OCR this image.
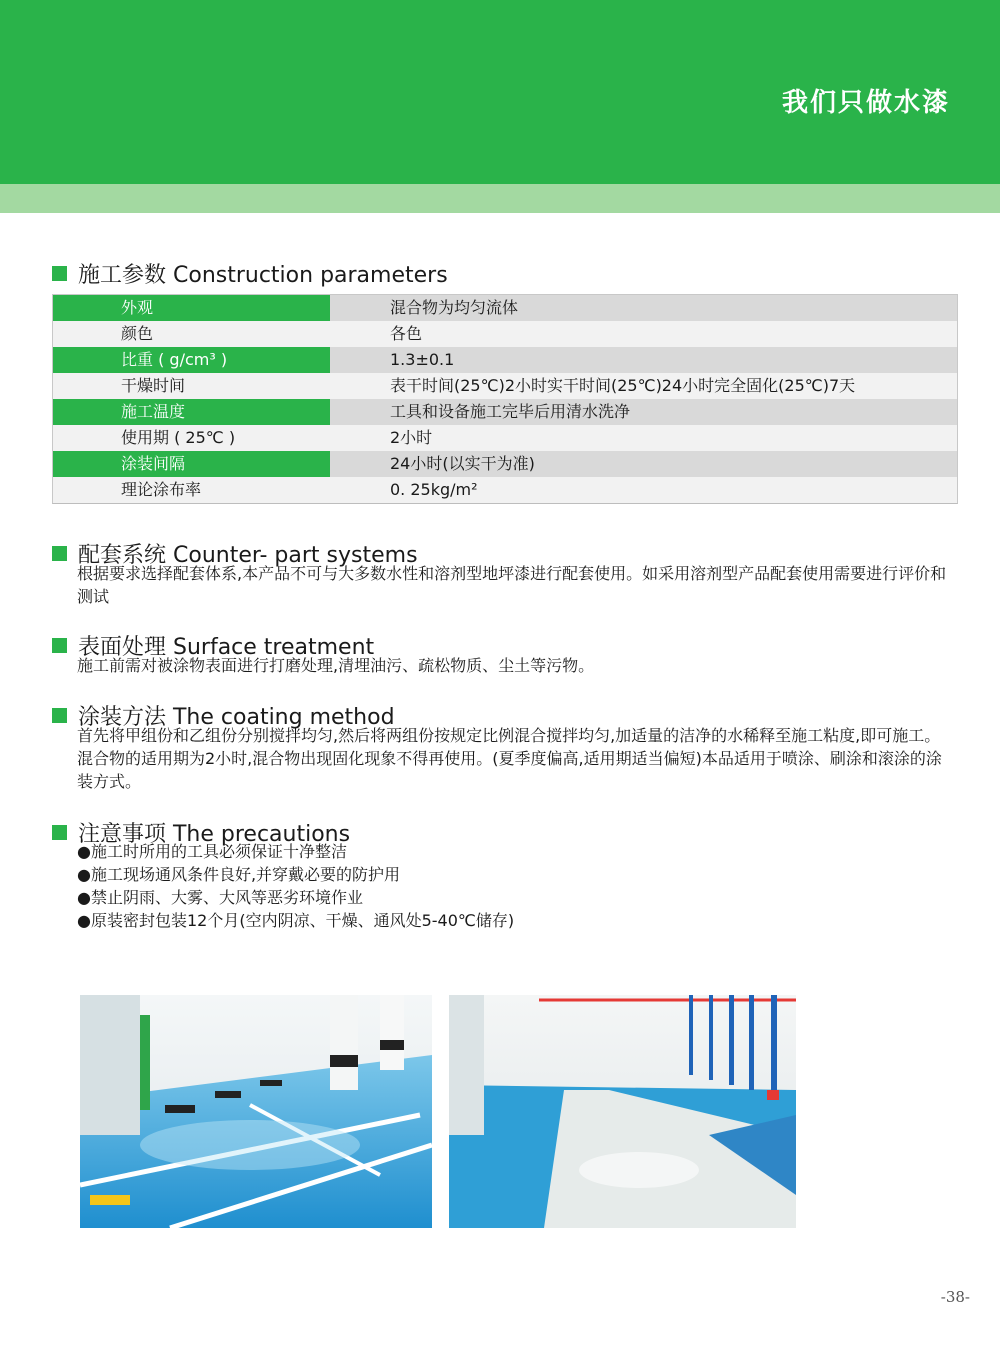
我们只做水漆
施工参数 Construction parameters
外观	混合物为均匀流体
颜色	各色
比重 ( g/cm³ )	1.3±0.1
干燥时间	表干时间(25℃)2小时实干时间(25℃)24小时完全固化(25℃)7天
施工温度	工具和设备施工完毕后用清水洗净
使用期 ( 25℃ )	2小时
涂装间隔	24小时(以实干为准)
理论涂布率	0. 25kg/m²
配套系统 Counter- part systems

根据要求选择配套体系,本产品不可与大多数水性和溶剂型地坪漆进行配套使用。如采用溶剂型产品配套使用需要进行评价和测试

表面处理 Surface treatment

施工前需对被涂物表面进行打磨处理,清埋油污、疏松物质、尘土等污物。

涂装方法 The coating method

首先将甲组份和乙组份分别搅拌均匀,然后将两组份按规定比例混合搅拌均匀,加适量的洁净的水稀释至施工粘度,即可施工。混合物的适用期为2小时,混合物出现固化现象不得再使用。(夏季度偏高,适用期适当偏短)本品适用于喷涂、刷涂和滚涂的涂装方式。

注意事项 The precautions
●施工时所用的工具必须保证十净整洁
●施工现场通风条件良好,并穿戴必要的防护用
●禁止阴雨、大雾、大风等恶劣环境作业
●原装密封包装12个月(空内阴凉、干燥、通风处5-40℃储存)
-38-
